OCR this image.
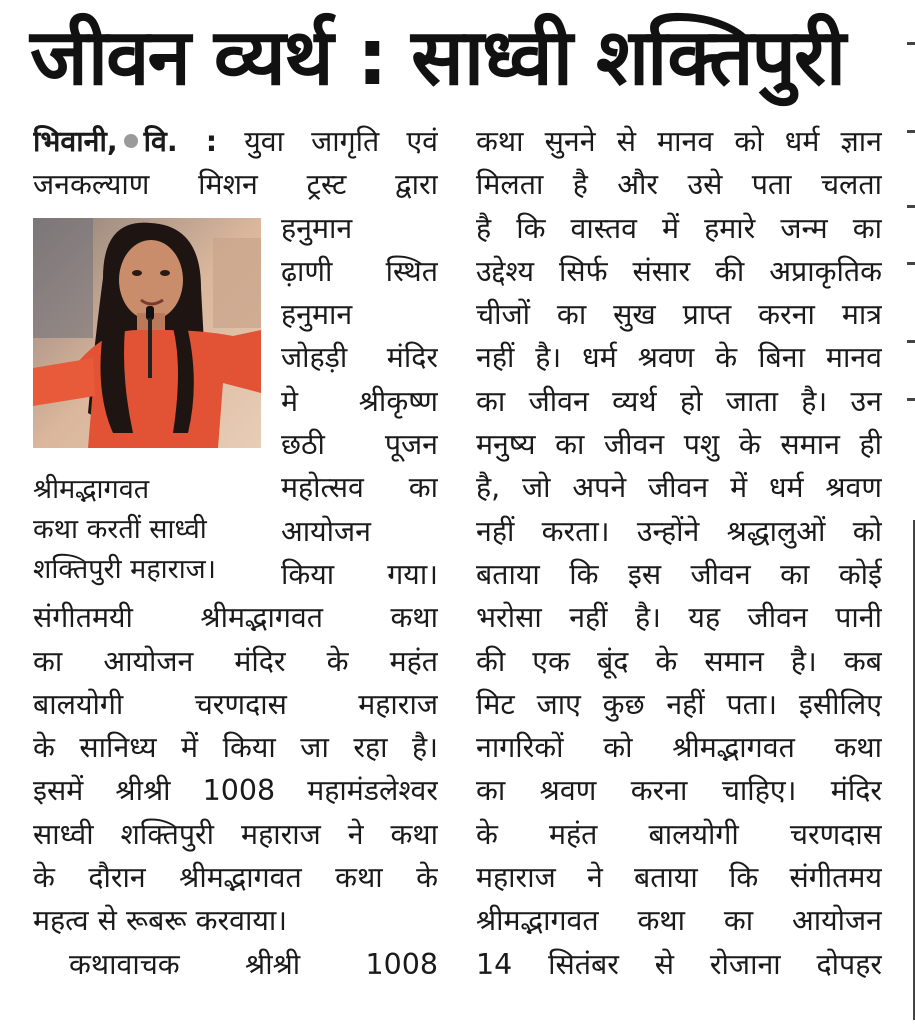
जीवन व्यर्थ : साध्वी शक्तिपुरी
भिवानी, वि. : युवा जागृति एवं
जनकल्याण मिशन ट्रस्ट द्वारा
हनुमान
ढ़ाणी स्थित
हनुमान
जोहड़ी मंदिर
मे श्रीकृष्ण
छठी पूजन
महोत्सव का
आयोजन
किया गया।
संगीतमयी श्रीमद्भागवत कथा
का आयोजन मंदिर के महंत
बालयोगी चरणदास महाराज
के सानिध्य में किया जा रहा है।
इसमें श्रीश्री 1008 महामंडलेश्वर
साध्वी शक्तिपुरी महाराज ने कथा
के दौरान श्रीमद्भागवत कथा के
महत्व से रूबरू करवाया।
कथावाचक श्रीश्री 1008
श्रीमद्भागवत
कथा करतीं साध्वी
शक्तिपुरी महाराज।
कथा सुनने से मानव को धर्म ज्ञान
मिलता है और उसे पता चलता
है कि वास्तव में हमारे जन्म का
उद्देश्य सिर्फ संसार की अप्राकृतिक
चीजों का सुख प्राप्त करना मात्र
नहीं है। धर्म श्रवण के बिना मानव
का जीवन व्यर्थ हो जाता है। उन
मनुष्य का जीवन पशु के समान ही
है, जो अपने जीवन में धर्म श्रवण
नहीं करता। उन्होंने श्रद्धालुओं को
बताया कि इस जीवन का कोई
भरोसा नहीं है। यह जीवन पानी
की एक बूंद के समान है। कब
मिट जाए कुछ नहीं पता। इसीलिए
नागरिकों को श्रीमद्भागवत कथा
का श्रवण करना चाहिए। मंदिर
के महंत बालयोगी चरणदास
महाराज ने बताया कि संगीतमय
श्रीमद्भागवत कथा का आयोजन
14 सितंबर से रोजाना दोपहर
